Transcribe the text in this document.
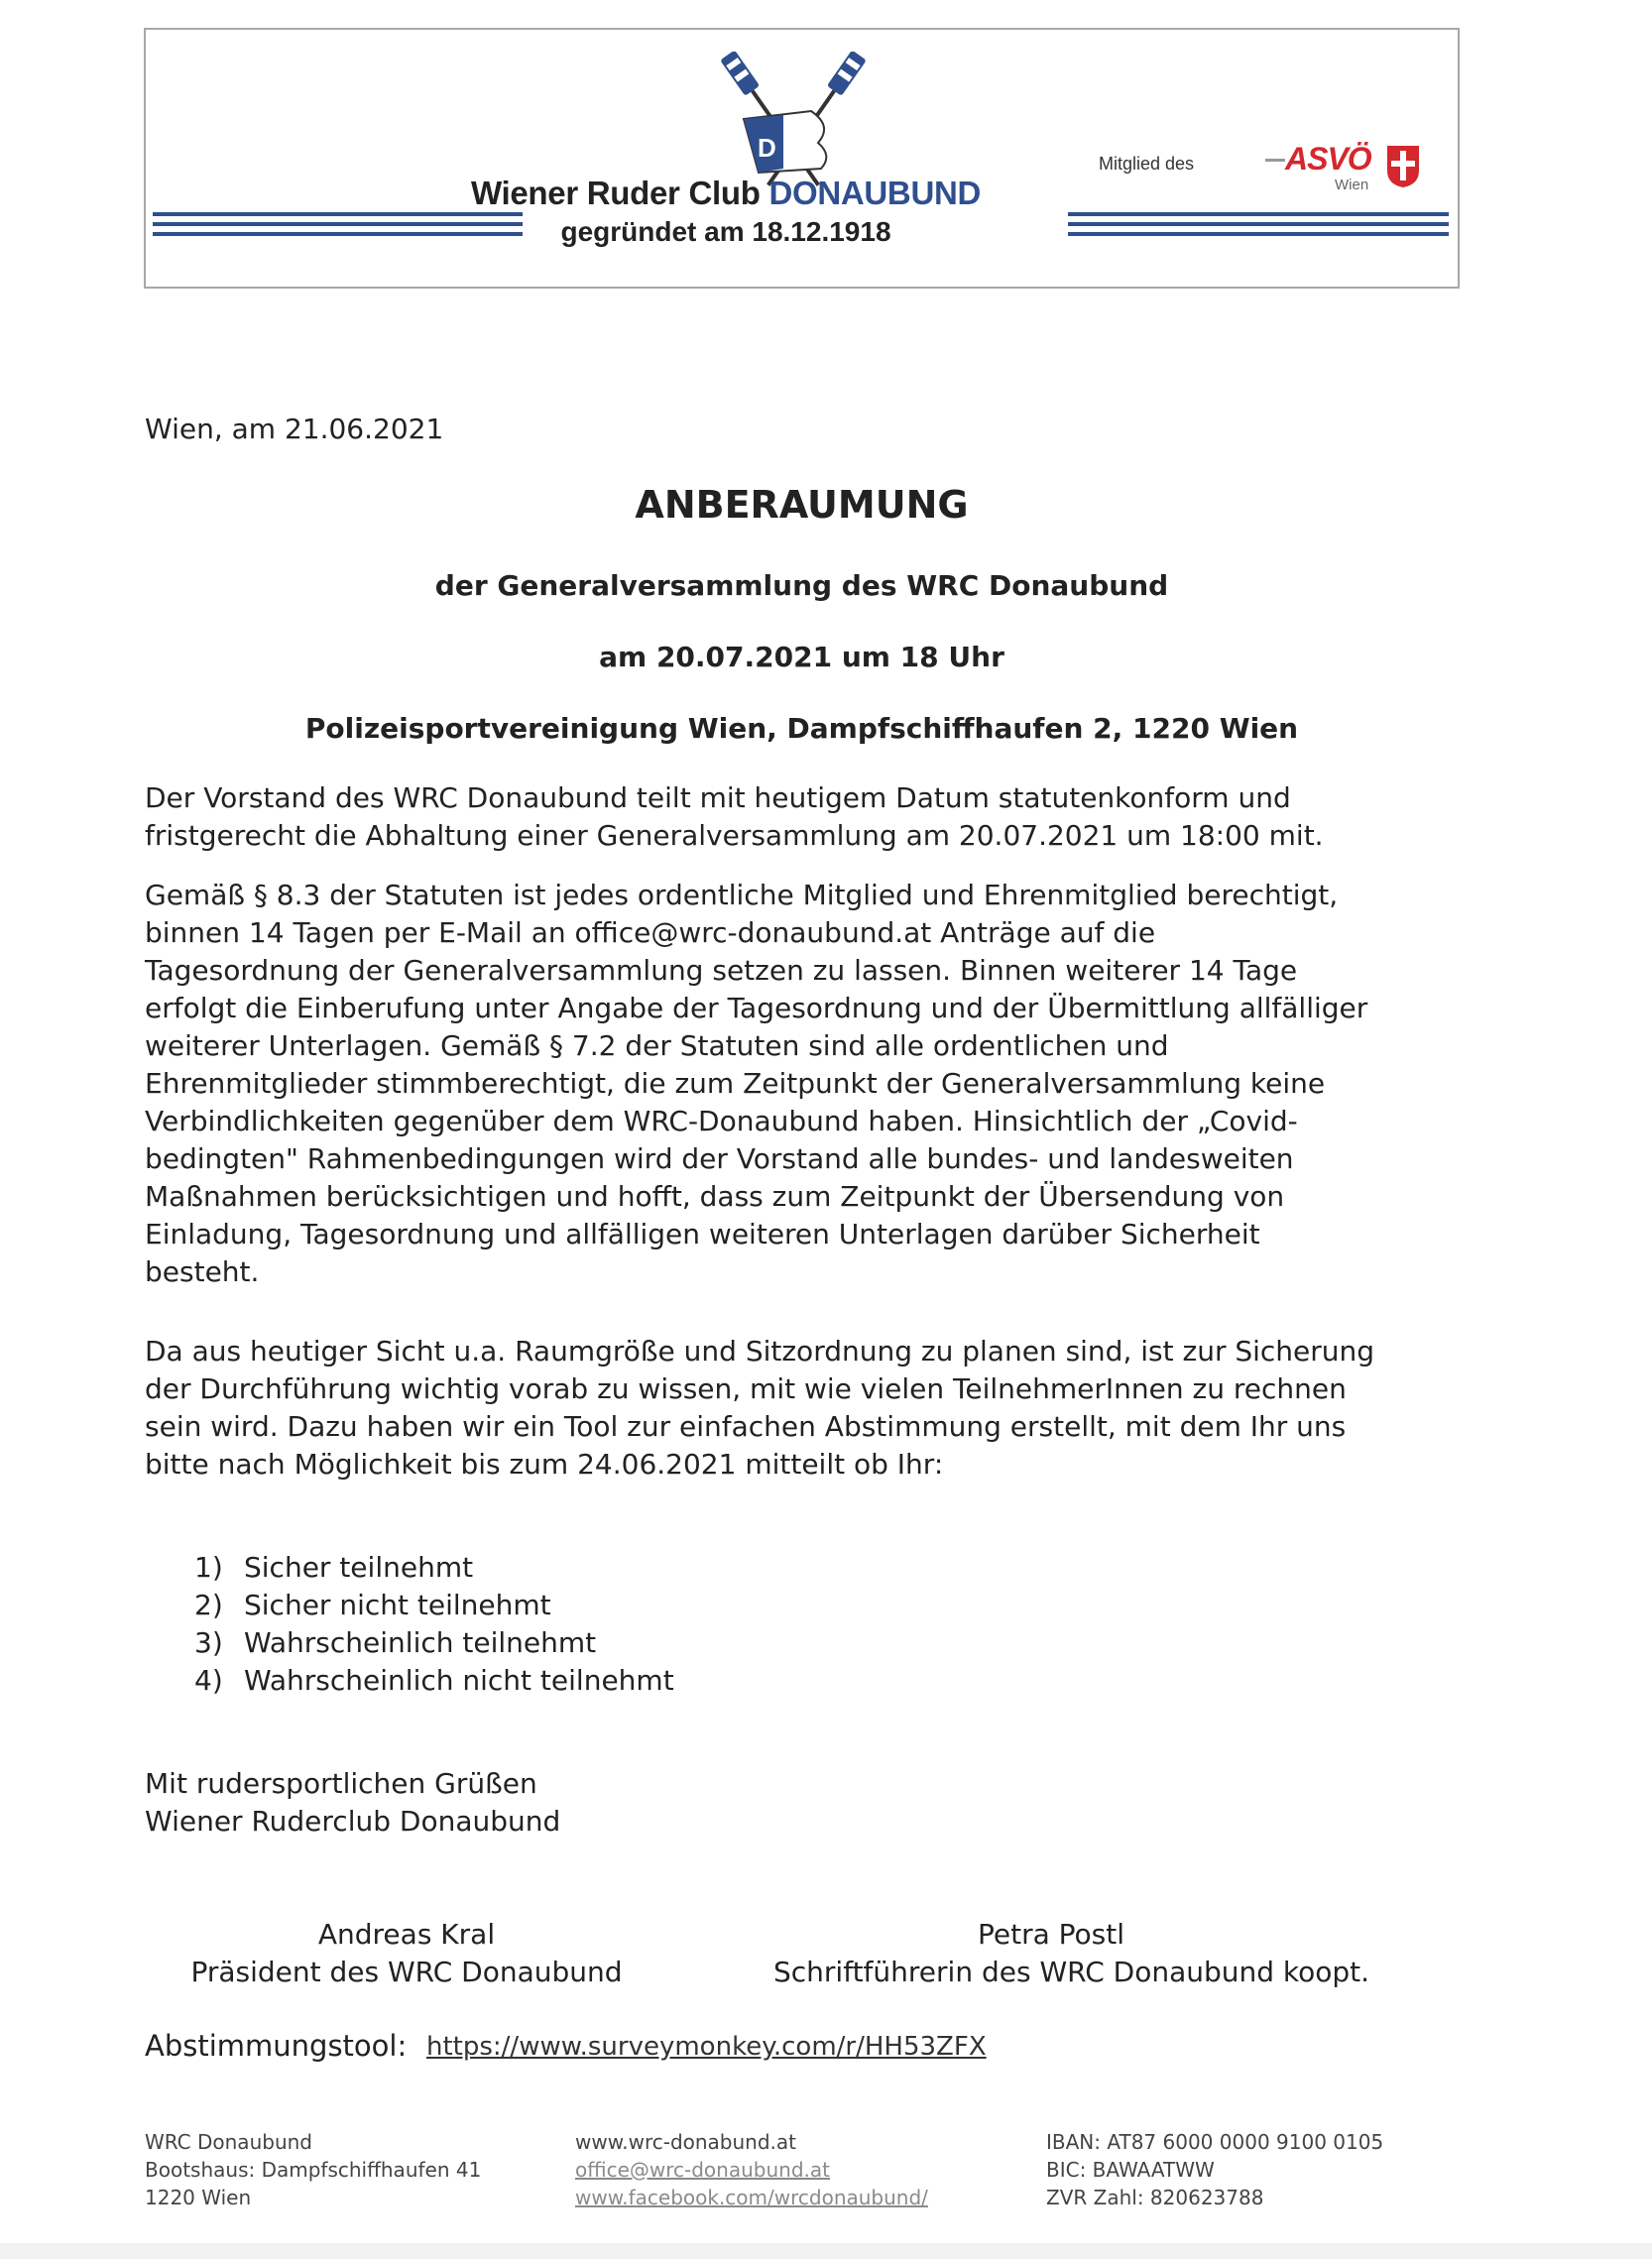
D
Wiener Ruder Club DONAUBUND
gegründet am 18.12.1918
Mitglied des	ASVÖ
Wien
Wien, am 21.06.2021
ANBERAUMUNG
der Generalversammlung des WRC Donaubund
am 20.07.2021 um 18 Uhr
Polizeisportvereinigung Wien, Dampfschiffhaufen 2, 1220 Wien
Der Vorstand des WRC Donaubund teilt mit heutigem Datum statutenkonform und
fristgerecht die Abhaltung einer Generalversammlung am 20.07.2021 um 18:00 mit.
Gemäß § 8.3 der Statuten ist jedes ordentliche Mitglied und Ehrenmitglied berechtigt,
binnen 14 Tagen per E-Mail an office@wrc-donaubund.at Anträge auf die
Tagesordnung der Generalversammlung setzen zu lassen. Binnen weiterer 14 Tage
erfolgt die Einberufung unter Angabe der Tagesordnung und der Übermittlung allfälliger
weiterer Unterlagen. Gemäß § 7.2 der Statuten sind alle ordentlichen und
Ehrenmitglieder stimmberechtigt, die zum Zeitpunkt der Generalversammlung keine
Verbindlichkeiten gegenüber dem WRC-Donaubund haben. Hinsichtlich der „Covid-
bedingten" Rahmenbedingungen wird der Vorstand alle bundes- und landesweiten
Maßnahmen berücksichtigen und hofft, dass zum Zeitpunkt der Übersendung von
Einladung, Tagesordnung und allfälligen weiteren Unterlagen darüber Sicherheit
besteht.
Da aus heutiger Sicht u.a. Raumgröße und Sitzordnung zu planen sind, ist zur Sicherung
der Durchführung wichtig vorab zu wissen, mit wie vielen TeilnehmerInnen zu rechnen
sein wird. Dazu haben wir ein Tool zur einfachen Abstimmung erstellt, mit dem Ihr uns
bitte nach Möglichkeit bis zum 24.06.2021 mitteilt ob Ihr:
1) Sicher teilnehmt
2) Sicher nicht teilnehmt
3) Wahrscheinlich teilnehmt
4) Wahrscheinlich nicht teilnehmt
Mit rudersportlichen Grüßen
Wiener Ruderclub Donaubund
Andreas Kral
Präsident des WRC Donaubund
Petra Postl
Schriftführerin des WRC Donaubund koopt.
Abstimmungstool: https://www.surveymonkey.com/r/HH53ZFX
WRC Donaubund
Bootshaus: Dampfschiffhaufen 41
1220 Wien
www.wrc-donabund.at
office@wrc-donaubund.at
www.facebook.com/wrcdonaubund/
IBAN: AT87 6000 0000 9100 0105
BIC: BAWAATWW
ZVR Zahl: 820623788
